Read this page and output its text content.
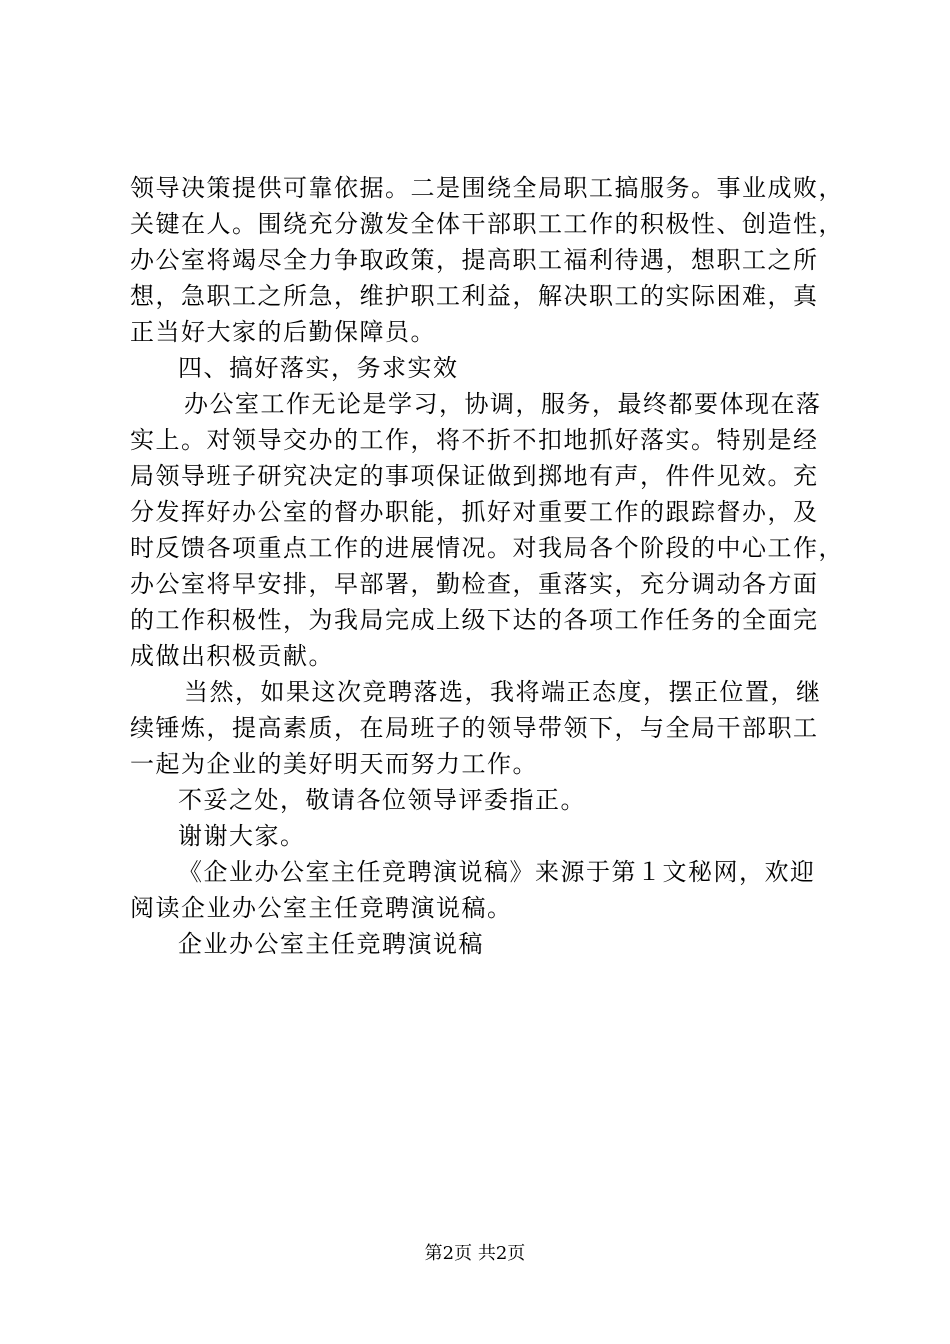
领导决策提供可靠依据。二是围绕全局职工搞服务。事业成败，
关键在人。围绕充分激发全体干部职工工作的积极性、创造性，
办公室将竭尽全力争取政策，提高职工福利待遇，想职工之所
想，急职工之所急，维护职工利益，解决职工的实际困难，真
正当好大家的后勤保障员。

四、搞好落实，务求实效

办公室工作无论是学习，协调，服务，最终都要体现在落
实上。对领导交办的工作，将不折不扣地抓好落实。特别是经
局领导班子研究决定的事项保证做到掷地有声，件件见效。充
分发挥好办公室的督办职能，抓好对重要工作的跟踪督办，及
时反馈各项重点工作的进展情况。对我局各个阶段的中心工作，
办公室将早安排，早部署，勤检查，重落实，充分调动各方面
的工作积极性，为我局完成上级下达的各项工作任务的全面完
成做出积极贡献。

当然，如果这次竞聘落选，我将端正态度，摆正位置，继
续锤炼，提高素质，在局班子的领导带领下，与全局干部职工
一起为企业的美好明天而努力工作。

不妥之处，敬请各位领导评委指正。

谢谢大家。

《企业办公室主任竞聘演说稿》来源于第１文秘网，欢迎
阅读企业办公室主任竞聘演说稿。

企业办公室主任竞聘演说稿

第2页 共2页
